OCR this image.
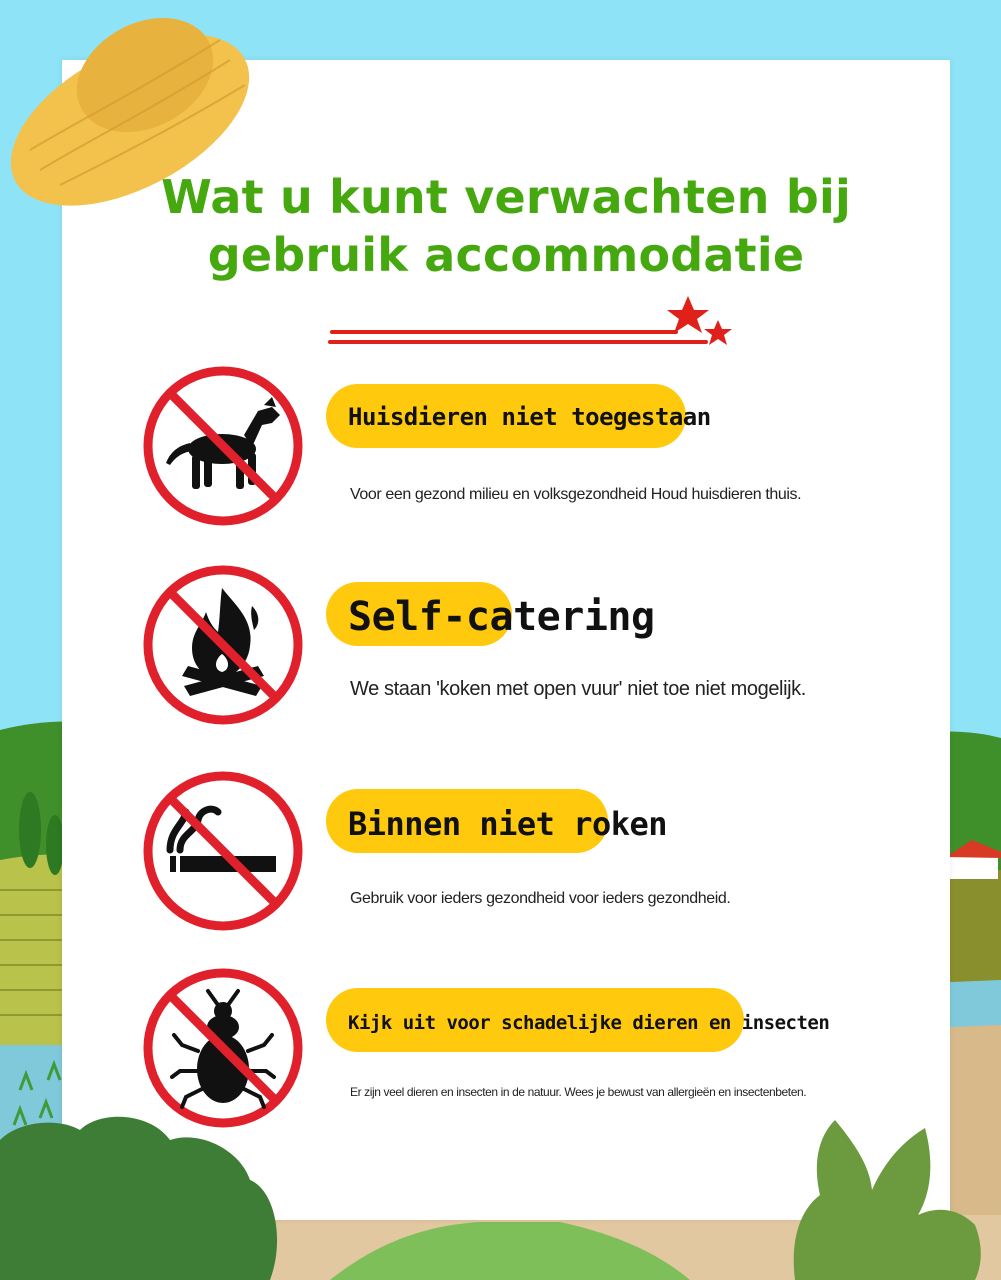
Wat u kunt verwachten bij gebruik accommodatie
Huisdieren niet toegestaan

Voor een gezond milieu en volksgezondheid Houd huisdieren thuis.

Self-catering

We staan 'koken met open vuur' niet toe niet mogelijk.

Binnen niet roken

Gebruik voor ieders gezondheid voor ieders gezondheid.

Kijk uit voor schadelijke dieren en insecten

Er zijn veel dieren en insecten in de natuur. Wees je bewust van allergieën en insectenbeten.
